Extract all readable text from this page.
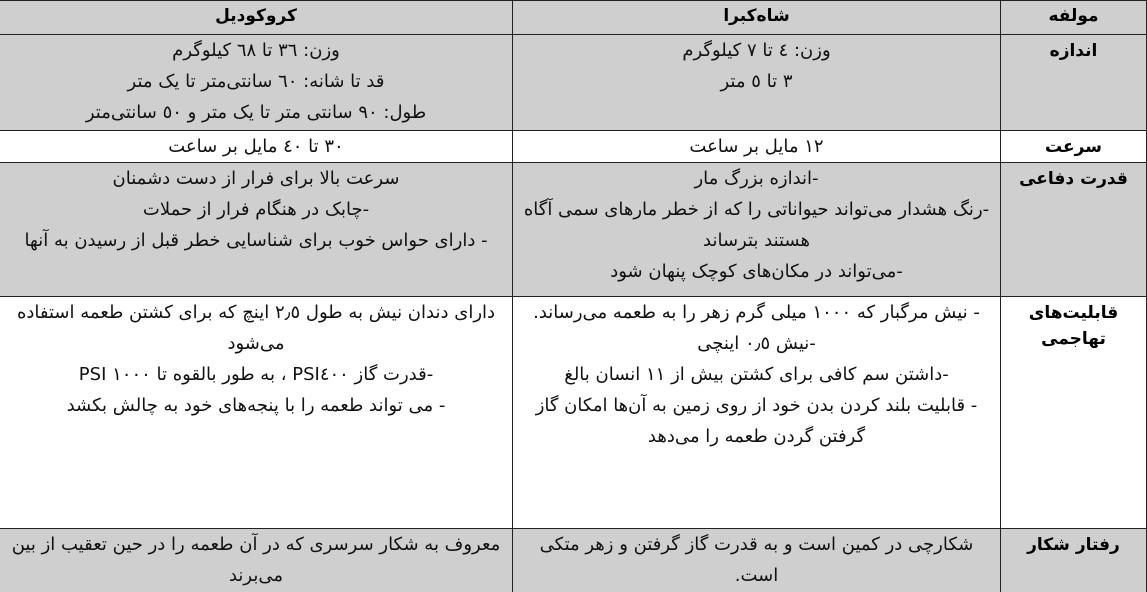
مولفه
شاه‌کبرا
کروکودیل
اندازه
وزن: ٤ تا ٧ کیلوگرم
٣ تا ٥ متر
وزن: ٣٦ تا ٦٨ کیلوگرم
قد تا شانه: ٦٠ سانتی‌متر تا یک متر
طول: ٩٠ سانتی متر تا یک متر و ٥٠ سانتی‌متر
سرعت
١٢ مایل بر ساعت
٣٠ تا ٤٠ مایل بر ساعت
قدرت دفاعی
-اندازه بزرگ مار
-رنگ هشدار می‌تواند حیواناتی را که از خطر مارهای سمی آگاه هستند بترساند
-می‌تواند در مکان‌های کوچک پنهان شود
سرعت بالا برای فرار از دست دشمنان
-چابک در هنگام فرار از حملات
- دارای حواس خوب برای شناسایی خطر قبل از رسیدن به آنها
قابلیت‌های تهاجمی
- نیش مرگبار که ١٠٠٠ میلی گرم زهر را به طعمه می‌رساند.
-نیش ٠٫٥ اینچی
-داشتن سم کافی برای کشتن بیش از ١١ انسان بالغ
- قابلیت بلند کردن بدن خود از روی زمین به آن‌ها امکان گاز گرفتن گردن طعمه را می‌دهد
دارای دندان نیش به طول ٢٫٥ اینچ که برای کشتن طعمه استفاده می‌شود
-قدرت گاز PSI٤٠٠ ، به طور بالقوه تا ١٠٠٠ PSI
- می تواند طعمه را با پنجه‌های خود به چالش بکشد
رفتار شکار
شکارچی در کمین است و به قدرت گاز گرفتن و زهر متکی است.
معروف به شکار سرسری که در آن طعمه را در حین تعقیب از بین می‌برند
